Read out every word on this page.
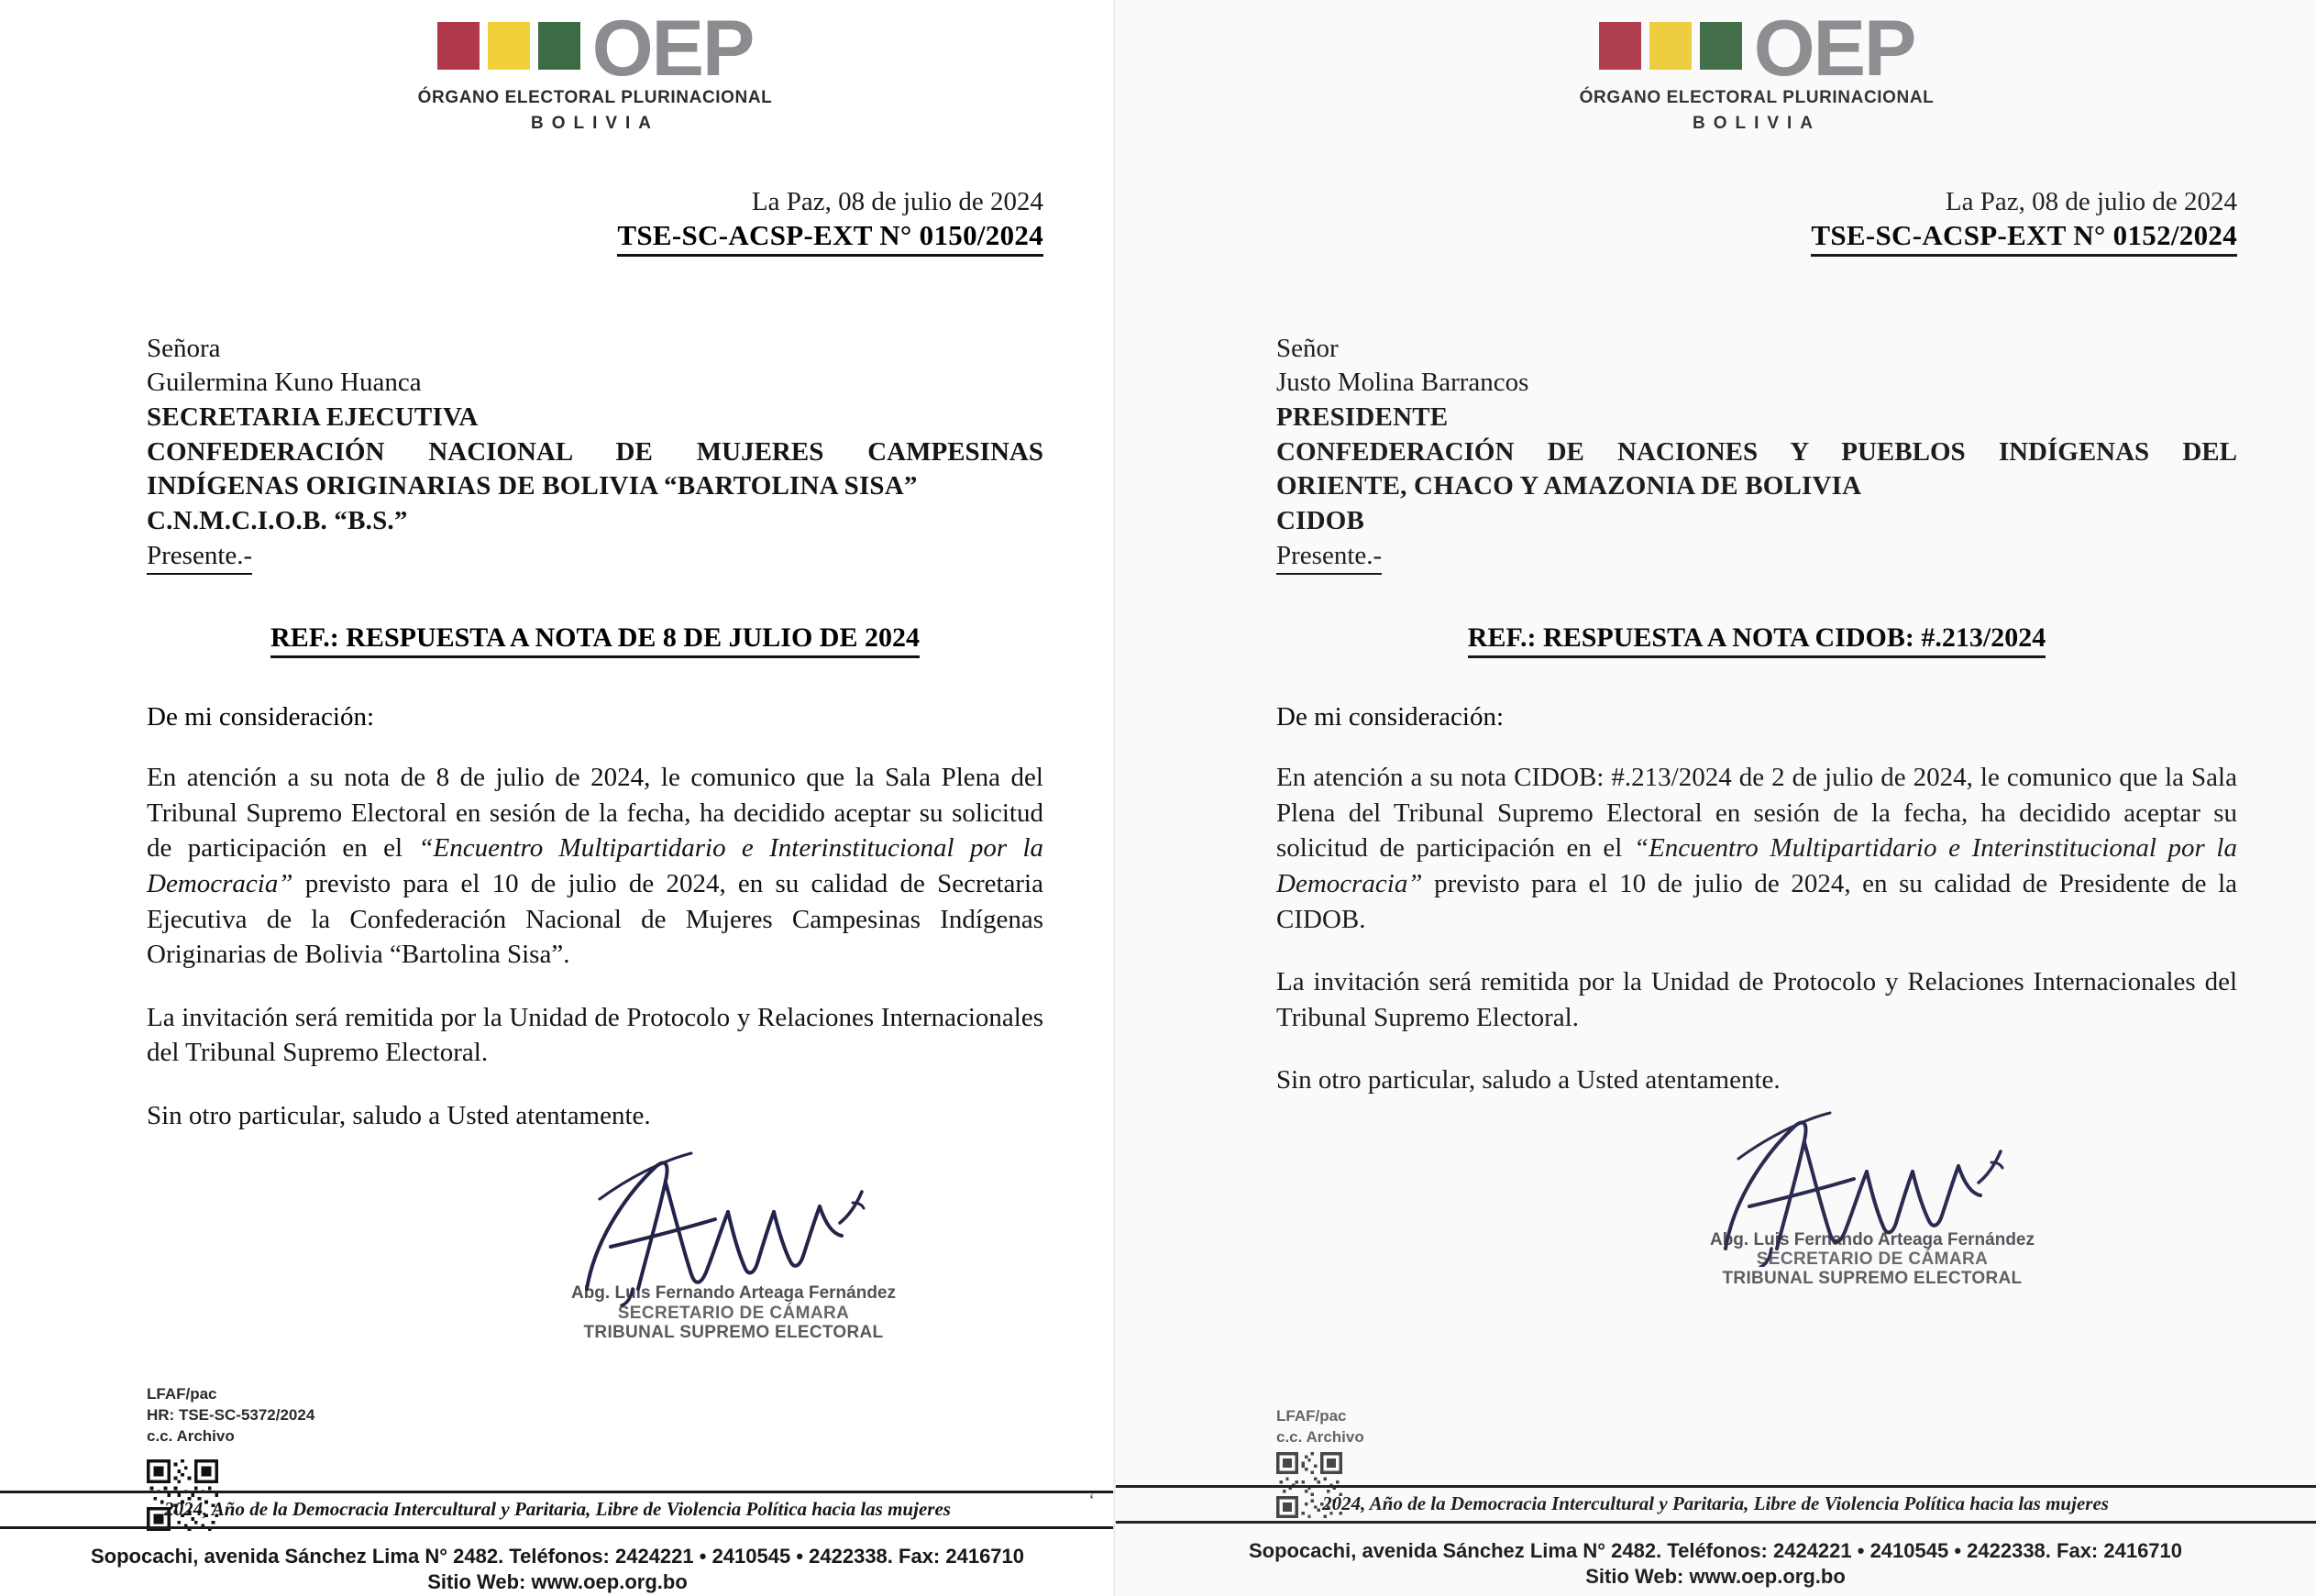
OEP
ÓRGANO ELECTORAL PLURINACIONAL
BOLIVIA
La Paz, 08 de julio de 2024
TSE-SC-ACSP-EXT N° 0150/2024
Señora
Guilermina Kuno Huanca
SECRETARIA EJECUTIVA
CONFEDERACIÓN NACIONAL DE MUJERES CAMPESINAS
INDÍGENAS ORIGINARIAS DE BOLIVIA “BARTOLINA SISA”
C.N.M.C.I.O.B. “B.S.”
Presente.-
REF.: RESPUESTA A NOTA DE 8 DE JULIO DE 2024
De mi consideración:

En atención a su nota de 8 de julio de 2024, le comunico que la Sala Plena del Tribunal Supremo Electoral en sesión de la fecha, ha decidido aceptar su solicitud de participación en el “Encuentro Multipartidario e Interinstitucional por la Democracia” previsto para el 10 de julio de 2024, en su calidad de Secretaria Ejecutiva de la Confederación Nacional de Mujeres Campesinas Indígenas Originarias de Bolivia “Bartolina Sisa”.

La invitación será remitida por la Unidad de Protocolo y Relaciones Internacionales del Tribunal Supremo Electoral.

Sin otro particular, saludo a Usted atentamente.

Abg. Luis Fernando Arteaga Fernández
SECRETARIO DE CÁMARA
TRIBUNAL SUPREMO ELECTORAL
LFAF/pac
HR: TSE-SC-5372/2024
c.c. Archivo
2024, Año de la Democracia Intercultural y Paritaria, Libre de Violencia Política hacia las mujeres
Sopocachi, avenida Sánchez Lima N° 2482. Teléfonos: 2424221 • 2410545 • 2422338. Fax: 2416710
Sitio Web: www.oep.org.bo
‘
OEP
ÓRGANO ELECTORAL PLURINACIONAL
BOLIVIA
La Paz, 08 de julio de 2024
TSE-SC-ACSP-EXT N° 0152/2024
Señor
Justo Molina Barrancos
PRESIDENTE
CONFEDERACIÓN DE NACIONES Y PUEBLOS INDÍGENAS DEL
ORIENTE, CHACO Y AMAZONIA DE BOLIVIA
CIDOB
Presente.-
REF.: RESPUESTA A NOTA CIDOB: #.213/2024
De mi consideración:

En atención a su nota CIDOB: #.213/2024 de 2 de julio de 2024, le comunico que la Sala Plena del Tribunal Supremo Electoral en sesión de la fecha, ha decidido aceptar su solicitud de participación en el “Encuentro Multipartidario e Interinstitucional por la Democracia” previsto para el 10 de julio de 2024, en su calidad de Presidente de la CIDOB.

La invitación será remitida por la Unidad de Protocolo y Relaciones Internacionales del Tribunal Supremo Electoral.

Sin otro particular, saludo a Usted atentamente.

Abg. Luis Fernando Arteaga Fernández
SECRETARIO DE CÁMARA
TRIBUNAL SUPREMO ELECTORAL
LFAF/pac
c.c. Archivo
2024, Año de la Democracia Intercultural y Paritaria, Libre de Violencia Política hacia las mujeres
Sopocachi, avenida Sánchez Lima N° 2482. Teléfonos: 2424221 • 2410545 • 2422338. Fax: 2416710
Sitio Web: www.oep.org.bo
